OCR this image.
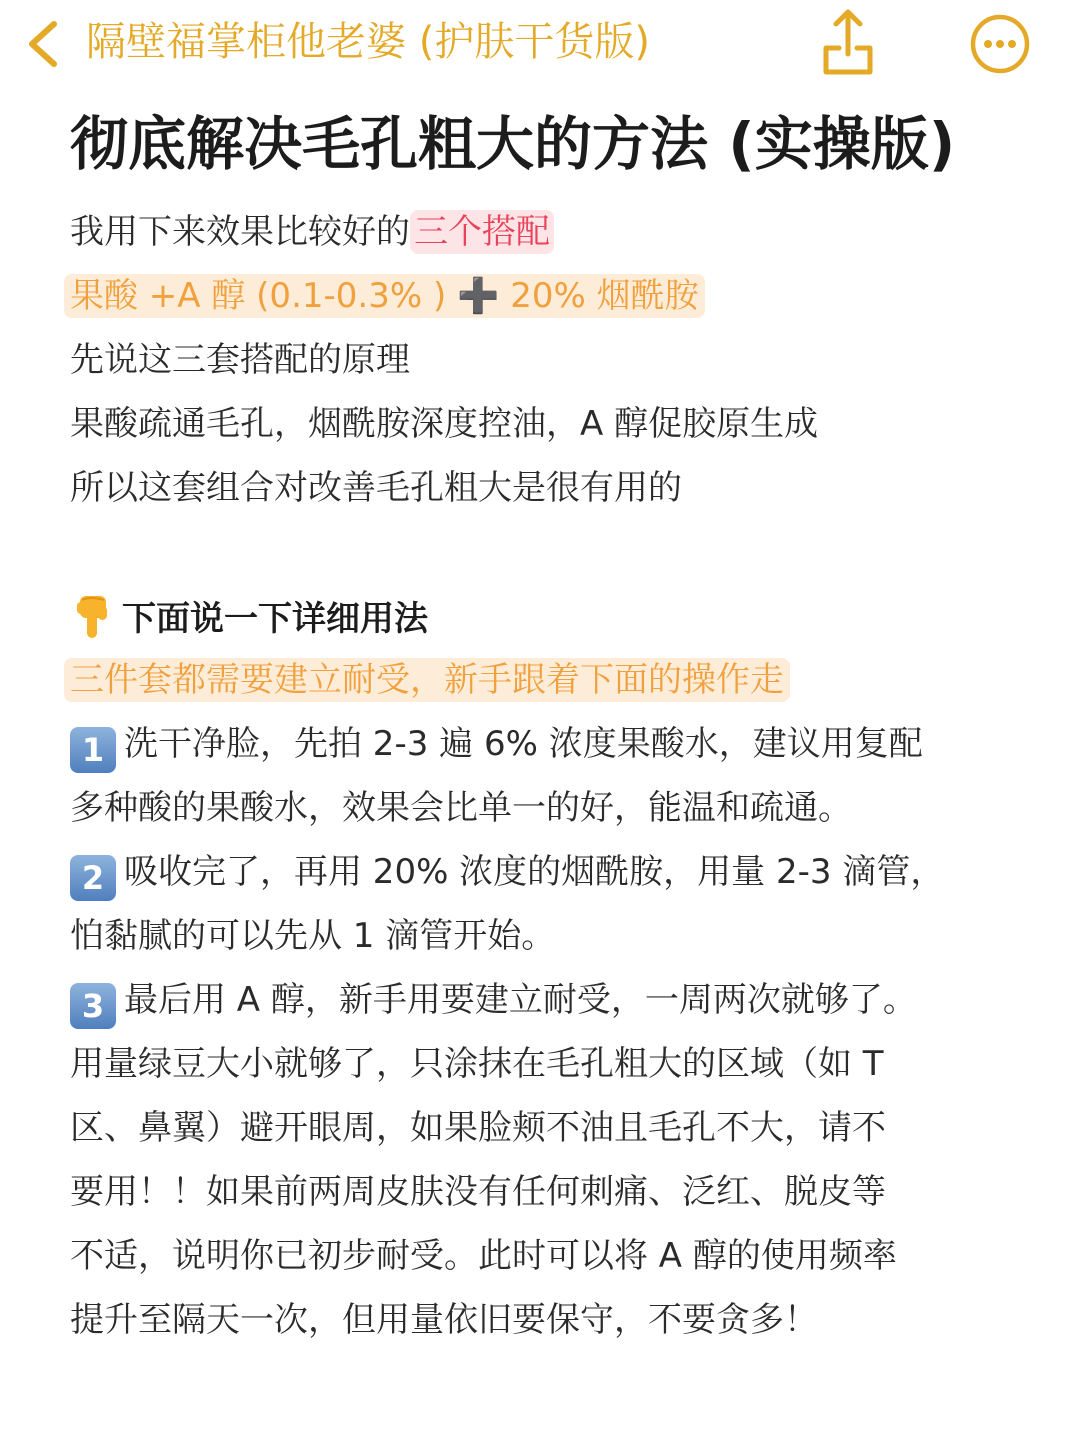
隔壁福掌柜他老婆 (护肤干货版)
彻底解决毛孔粗大的方法 (实操版)
我用下来效果比较好的 三个搭配
果酸 +A 醇 (0.1-0.3% ) ➕ 20% 烟酰胺
先说这三套搭配的原理
果酸疏通毛孔，烟酰胺深度控油，A 醇促胶原生成
所以这套组合对改善毛孔粗大是很有用的
下面说一下详细用法
三件套都需要建立耐受，新手跟着下面的操作走
1 洗干净脸，先拍 2-3 遍 6% 浓度果酸水，建议用复配
多种酸的果酸水，效果会比单一的好，能温和疏通。
2 吸收完了，再用 20% 浓度的烟酰胺，用量 2-3 滴管，
怕黏腻的可以先从 1 滴管开始。
3 最后用 A 醇，新手用要建立耐受，一周两次就够了。
用量绿豆大小就够了，只涂抹在毛孔粗大的区域（如 T
区、鼻翼）避开眼周，如果脸颊不油且毛孔不大，请不
要用！！如果前两周皮肤没有任何刺痛、泛红、脱皮等
不适，说明你已初步耐受。此时可以将 A 醇的使用频率
提升至隔天一次，但用量依旧要保守，不要贪多！
